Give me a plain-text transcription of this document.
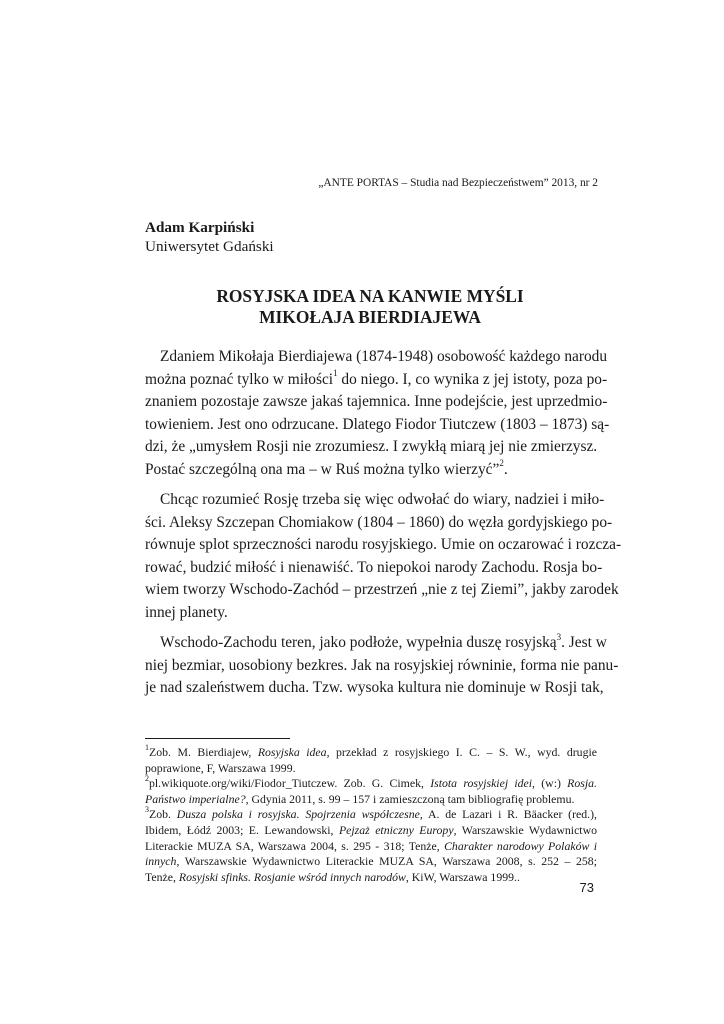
„ANTE PORTAS – Studia nad Bezpieczeństwem” 2013, nr 2
Adam Karpiński
Uniwersytet Gdański
ROSYJSKA IDEA NA KANWIE MYŚLI
MIKOŁAJA BIERDIAJEWA
Zdaniem Mikołaja Bierdiajewa (1874-1948) osobowość każdego narodu
można poznać tylko w miłości$^1$ do niego. I, co wynika z jej istoty, poza po-
znaniem pozostaje zawsze jakaś tajemnica. Inne podejście, jest uprzedmio-
towieniem. Jest ono odrzucane. Dlatego Fiodor Tiutczew (1803 – 1873) są-
dzi, że „umysłem Rosji nie zrozumiesz. I zwykłą miarą jej nie zmierzysz.
Postać szczególną ona ma – w Ruś można tylko wierzyć”$^2$.
Chcąc rozumieć Rosję trzeba się więc odwołać do wiary, nadziei i miło-
ści. Aleksy Szczepan Chomiakow (1804 – 1860) do węzła gordyjskiego po-
równuje splot sprzeczności narodu rosyjskiego. Umie on oczarować i rozcza-
rować, budzić miłość i nienawiść. To niepokoi narody Zachodu. Rosja bo-
wiem tworzy Wschodo-Zachód – przestrzeń „nie z tej Ziemi”, jakby zarodek
innej planety.
Wschodo-Zachodu teren, jako podłoże, wypełnia duszę rosyjską$^3$. Jest w
niej bezmiar, uosobiony bezkres. Jak na rosyjskiej równinie, forma nie panu-
je nad szaleństwem ducha. Tzw. wysoka kultura nie dominuje w Rosji tak,
$^1$Zob. M. Bierdiajew, Rosyjska idea, przekład z rosyjskiego I. C. – S. W., wyd. drugie
poprawione, F, Warszawa 1999.
$^2$pl.wikiquote.org/wiki/Fiodor_Tiutczew. Zob. G. Cimek, Istota rosyjskiej idei, (w:) Rosja.
Państwo imperialne?, Gdynia 2011, s. 99 – 157 i zamieszczoną tam bibliografię problemu.
$^3$Zob. Dusza polska i rosyjska. Spojrzenia współczesne, A. de Lazari i R. Bäacker (red.),
Ibidem, Łódź 2003; E. Lewandowski, Pejzaż etniczny Europy, Warszawskie Wydawnictwo
Literackie MUZA SA, Warszawa 2004, s. 295 - 318; Tenże, Charakter narodowy Polaków i
innych, Warszawskie Wydawnictwo Literackie MUZA SA, Warszawa 2008, s. 252 – 258;
Tenże, Rosyjski sfinks. Rosjanie wśród innych narodów, KiW, Warszawa 1999..
73
